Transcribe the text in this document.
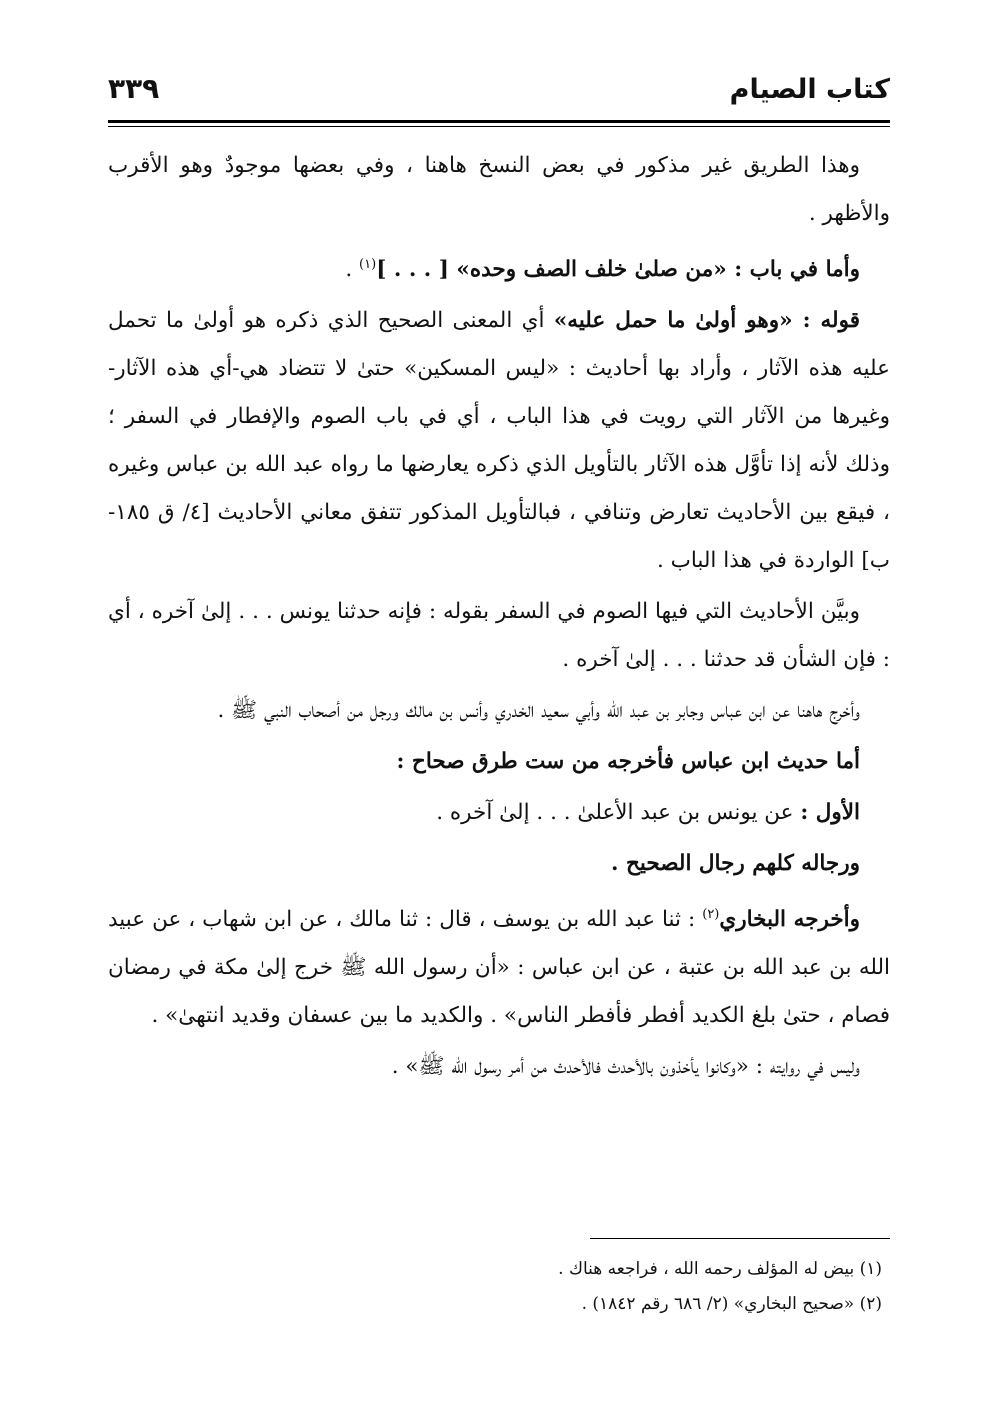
كتاب الصيام
٣٣٩

وهذا الطريق غير مذكور في بعض النسخ هاهنا ، وفي بعضها موجودٌ وهو الأقرب والأظهر .

وأما في باب : «من صلىٰ خلف الصف وحده» [ . . . ]$^{(١)}$ .

قوله : «وهو أولىٰ ما حمل عليه» أي المعنى الصحيح الذي ذكره هو أولىٰ ما تحمل عليه هذه الآثار ، وأراد بها أحاديث : «ليس المسكين» حتىٰ لا تتضاد هي-أي هذه الآثار- وغيرها من الآثار التي رويت في هذا الباب ، أي في باب الصوم والإفطار في السفر ؛ وذلك لأنه إذا تأوَّل هذه الآثار بالتأويل الذي ذكره يعارضها ما رواه عبد الله بن عباس وغيره ، فيقع بين الأحاديث تعارض وتنافي ، فبالتأويل المذكور تتفق معاني الأحاديث [٤/ ق ١٨٥-ب] الواردة في هذا الباب .

وبيَّن الأحاديث التي فيها الصوم في السفر بقوله : فإنه حدثنا يونس . . . إلىٰ آخره ، أي : فإن الشأن قد حدثنا . . . إلىٰ آخره .

وأخرج هاهنا عن ابن عباس وجابر بن عبد الله وأبي سعيد الخدري وأنس بن مالك ورجل من أصحاب النبي ﷺ .

أما حديث ابن عباس فأخرجه من ست طرق صحاح :

الأول : عن يونس بن عبد الأعلىٰ . . . إلىٰ آخره .

ورجاله كلهم رجال الصحيح .

وأخرجه البخاري$^{(٢)}$ : ثنا عبد الله بن يوسف ، قال : ثنا مالك ، عن ابن شهاب ، عن عبيد الله بن عبد الله بن عتبة ، عن ابن عباس : «أن رسول الله ﷺ خرج إلىٰ مكة في رمضان فصام ، حتىٰ بلغ الكديد أفطر فأفطر الناس» . والكديد ما بين عسفان وقديد انتهىٰ» .

وليس في روايته : «وكانوا يأخذون بالأحدث فالأحدث من أمر رسول الله ﷺ» .

(١) بيض له المؤلف رحمه الله ، فراجعه هناك .

(٢) «صحيح البخاري» (٢/ ٦٨٦ رقم ١٨٤٢) .
